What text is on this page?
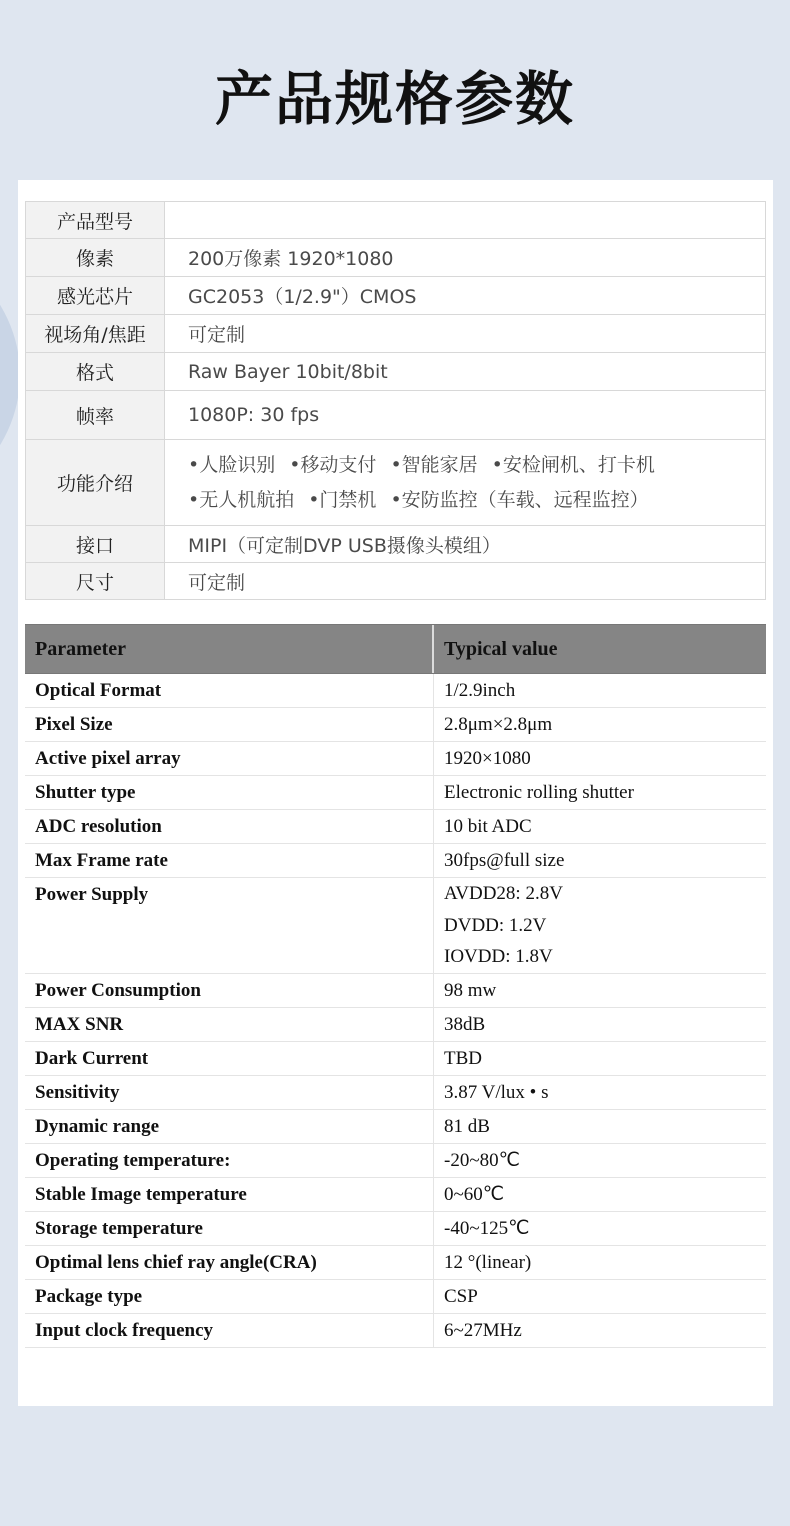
产品规格参数
产品型号	
像素	200万像素 1920*1080
感光芯片	GC2053（1/2.9"）CMOS
视场角/焦距	可定制
格式	Raw Bayer 10bit/8bit
帧率	1080P: 30 fps
功能介绍	•人脸识别 •移动支付 •智能家居 •安检闸机、打卡机
•无人机航拍 •门禁机 •安防监控（车载、远程监控）

接口	MIPI（可定制DVP USB摄像头模组）
尺寸	可定制
Parameter	Typical value
Optical Format	1/2.9inch
Pixel Size	2.8μm×2.8μm
Active pixel array	1920×1080
Shutter type	Electronic rolling shutter
ADC resolution	10 bit ADC
Max Frame rate	30fps@full size
Power Supply	AVDD28: 2.8V
DVDD: 1.2V
IOVDD: 1.8V
Power Consumption	98 mw
MAX SNR	38dB
Dark Current	TBD
Sensitivity	3.87 V/lux • s
Dynamic range	81 dB
Operating temperature:	-20~80℃
Stable Image temperature	0~60℃
Storage temperature	-40~125℃
Optimal lens chief ray angle(CRA)	12 °(linear)
Package type	CSP
Input clock frequency	6~27MHz
